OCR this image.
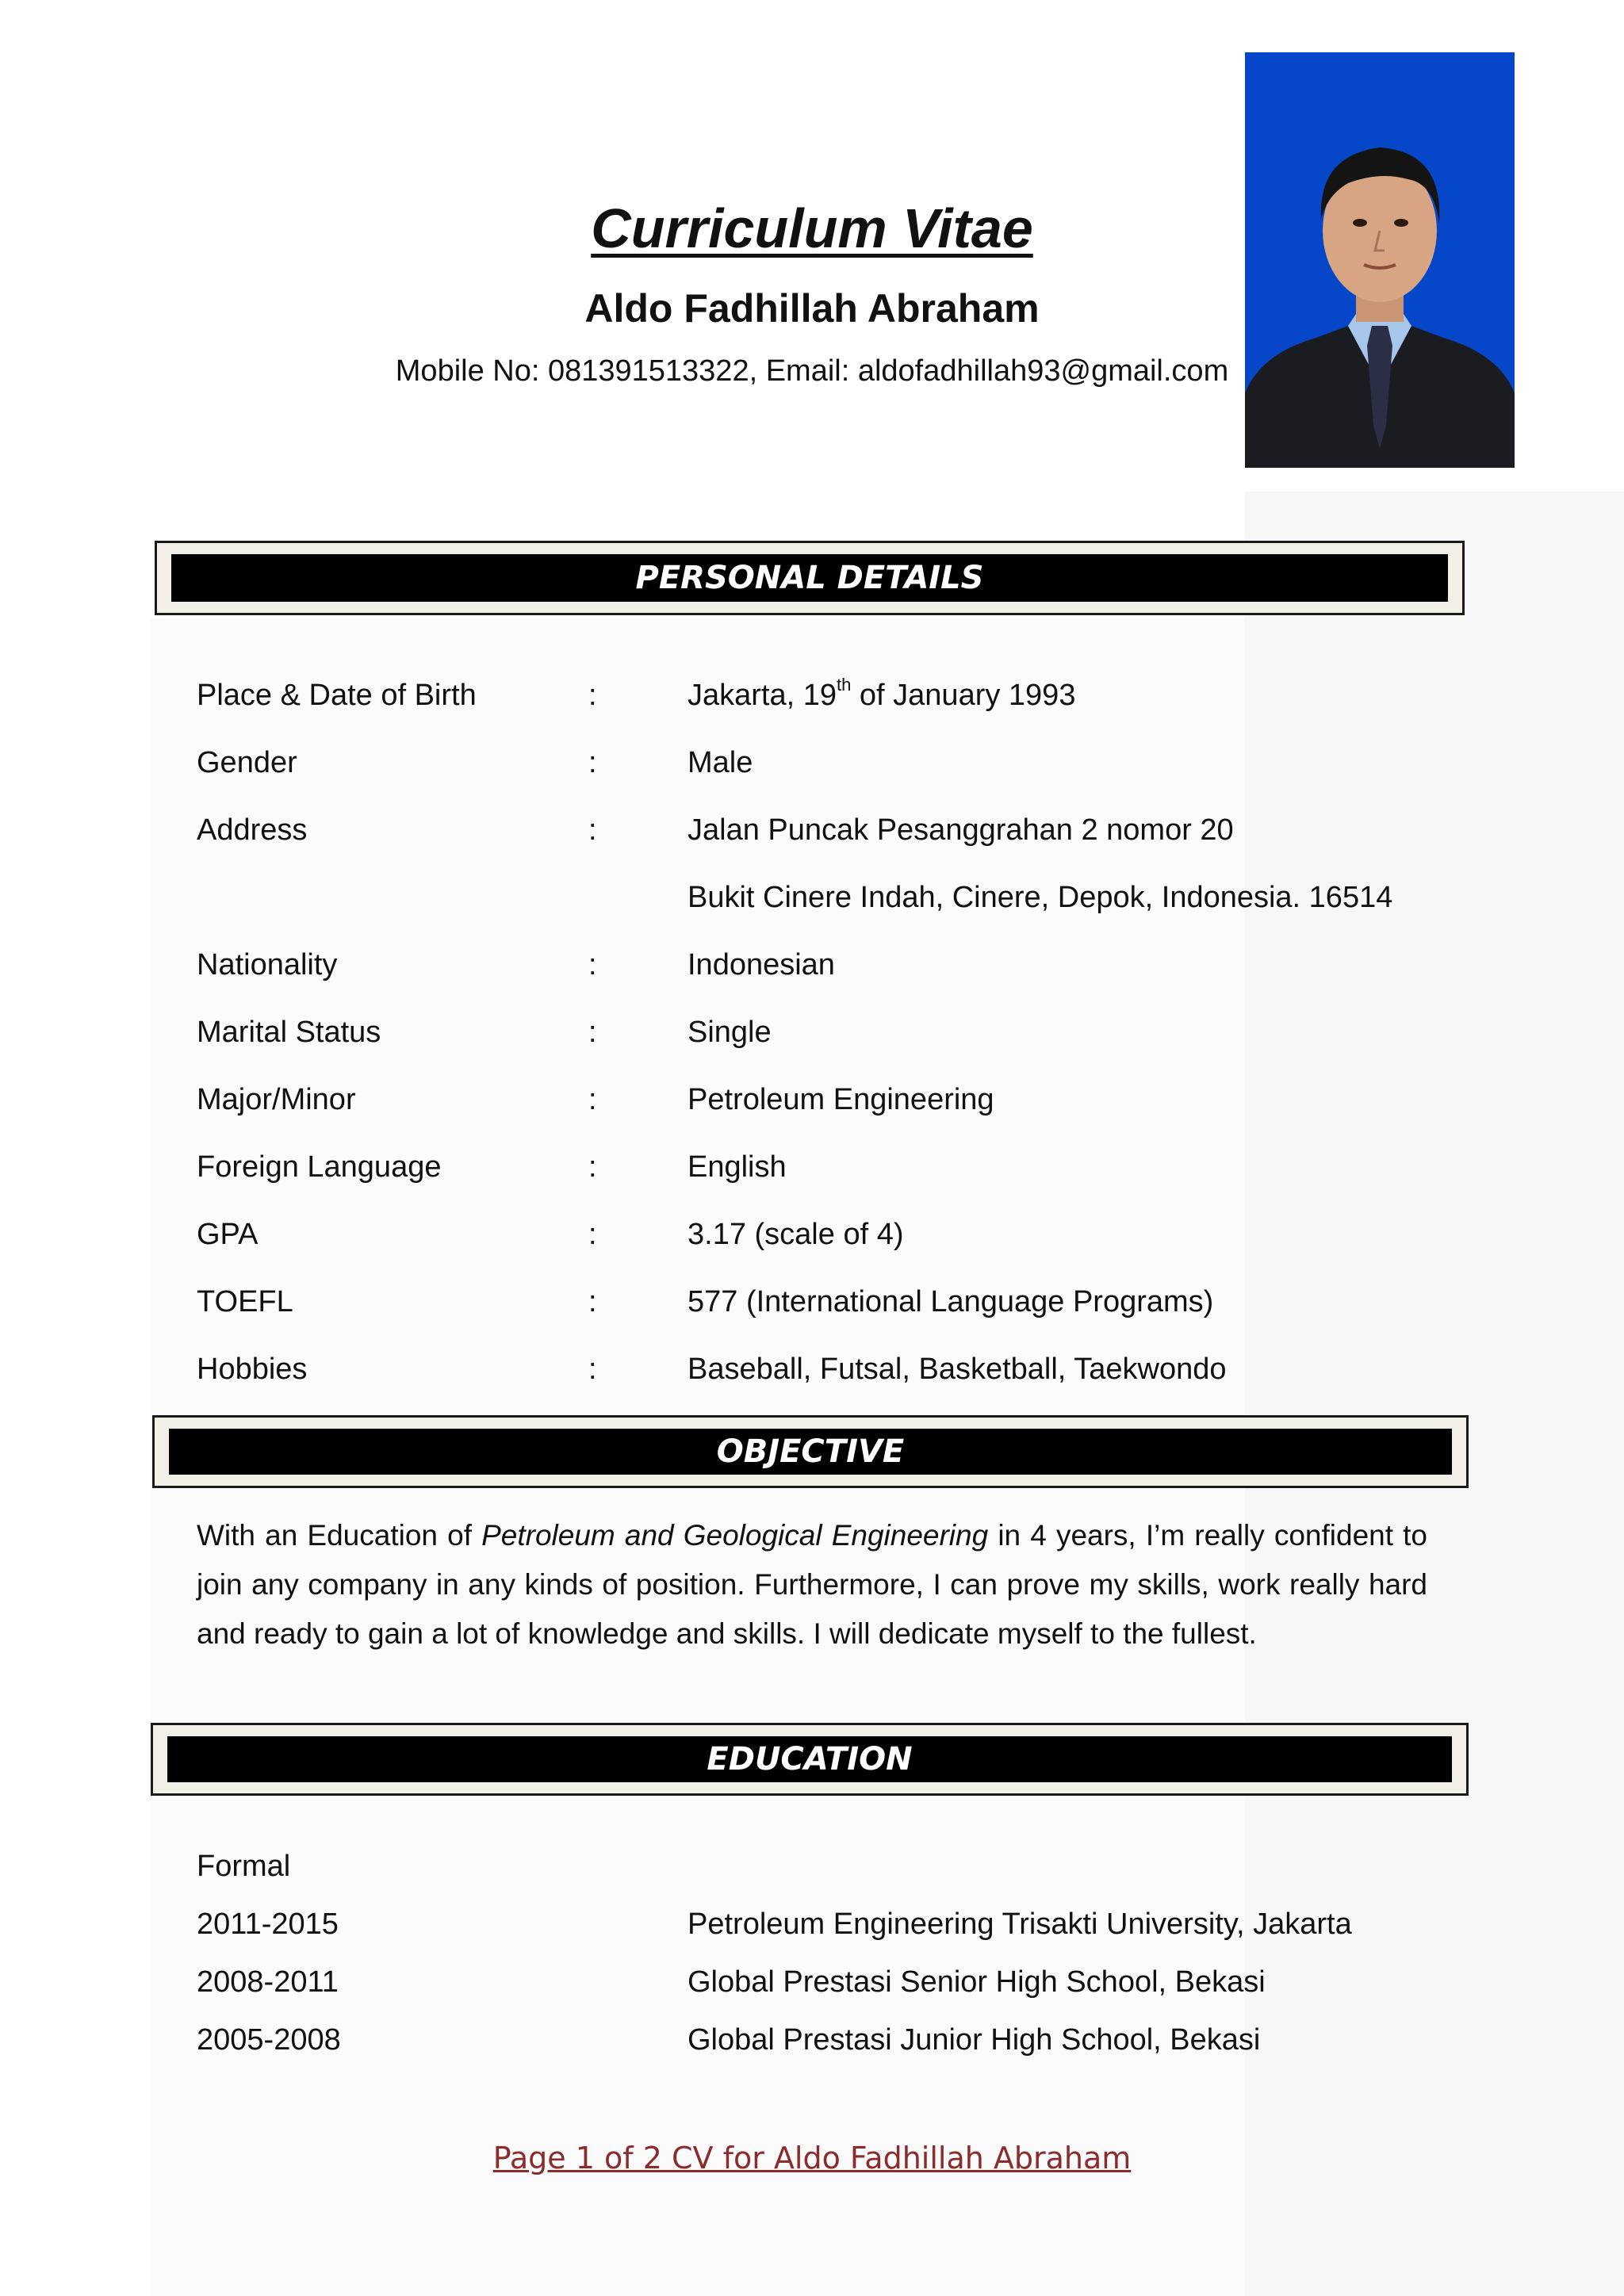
Curriculum Vitae
Aldo Fadhillah Abraham
Mobile No: 081391513322, Email: aldofadhillah93@gmail.com
PERSONAL DETAILS
Place & Date of Birth	:	Jakarta, 19th of January 1993
Gender	:	Male
Address	:	Jalan Puncak Pesanggrahan 2 nomor 20
Bukit Cinere Indah, Cinere, Depok, Indonesia. 16514
Nationality	:	Indonesian
Marital Status	:	Single
Major/Minor	:	Petroleum Engineering
Foreign Language	:	English
GPA	:	3.17 (scale of 4)
TOEFL	:	577 (International Language Programs)
Hobbies	:	Baseball, Futsal, Basketball, Taekwondo
OBJECTIVE
With an Education of Petroleum and Geological Engineering in 4 years, I’m really confident to join any company in any kinds of position. Furthermore, I can prove my skills, work really hard and ready to gain a lot of knowledge and skills. I will dedicate myself to the fullest.
EDUCATION
Formal
2011-2015	Petroleum Engineering Trisakti University, Jakarta
2008-2011	Global Prestasi Senior High School, Bekasi
2005-2008	Global Prestasi Junior High School, Bekasi
Page 1 of 2 CV for Aldo Fadhillah Abraham
